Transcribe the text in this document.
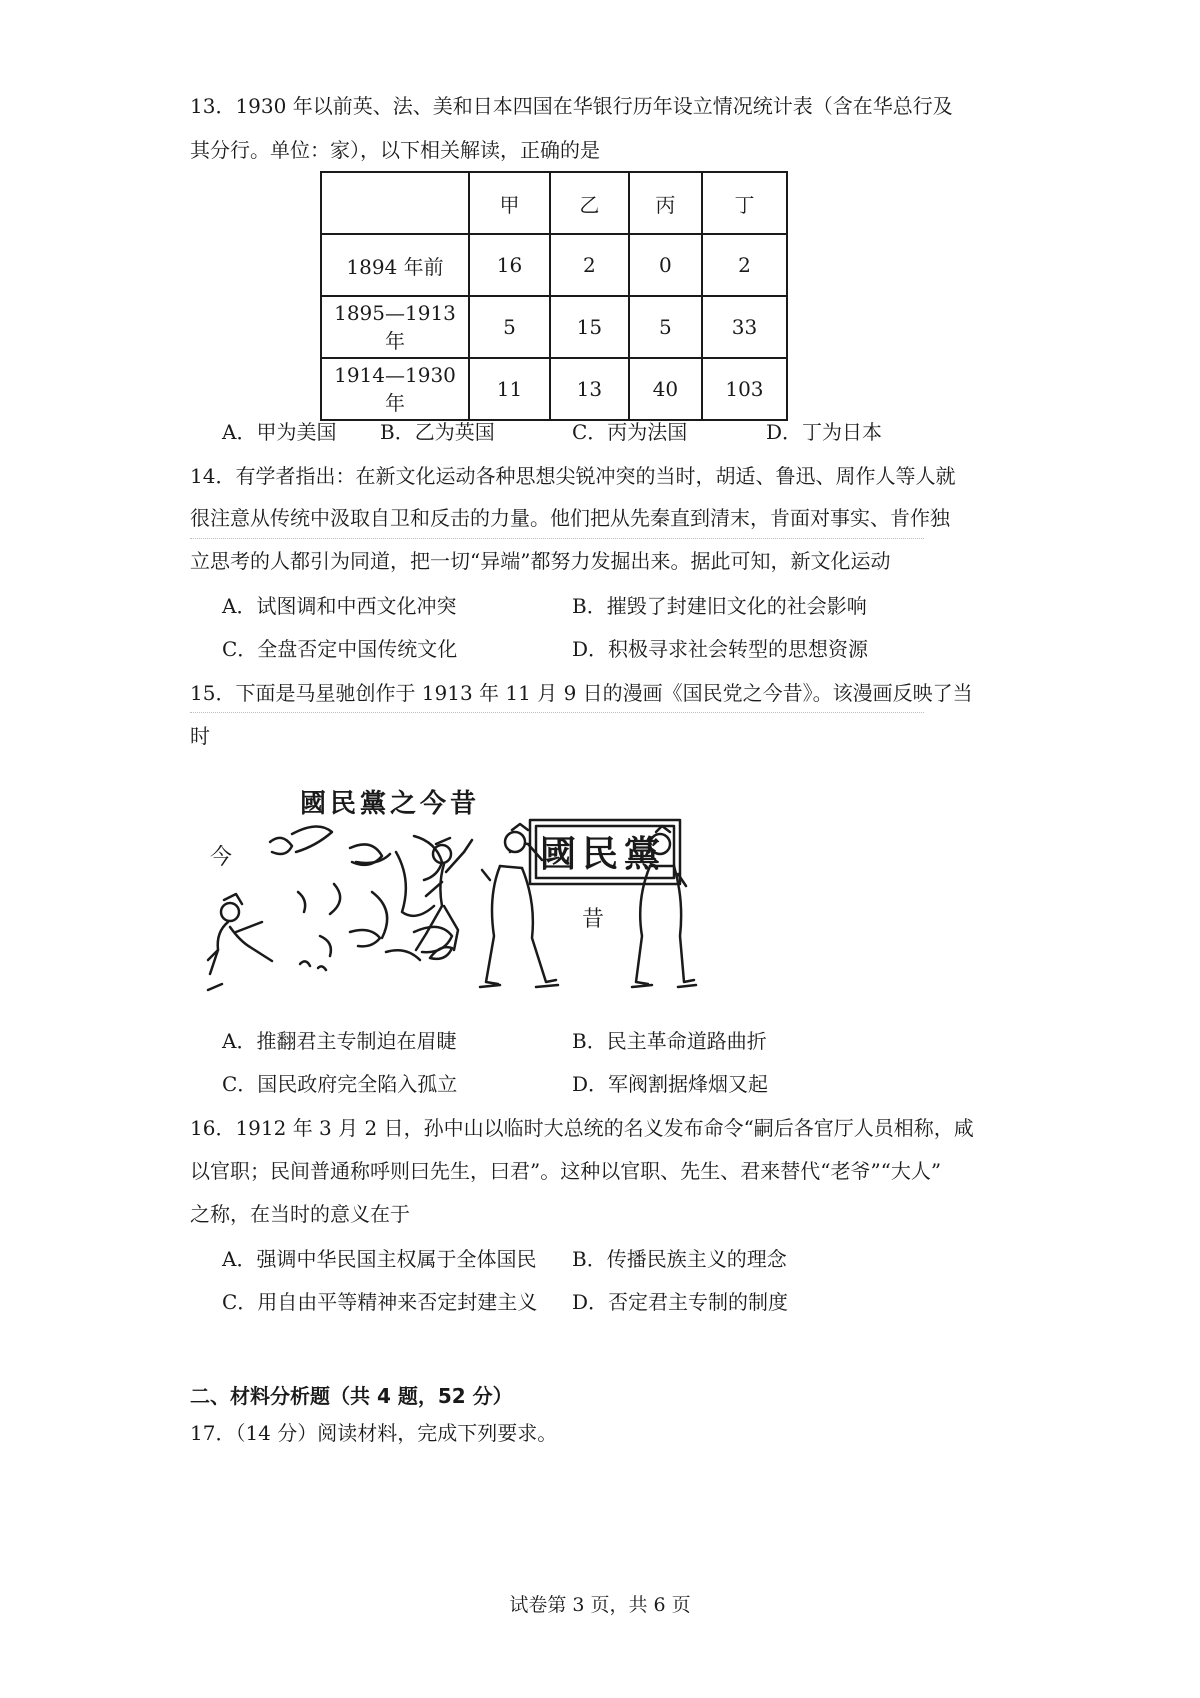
13．1930 年以前英、法、美和日本四国在华银行历年设立情况统计表（含在华总行及
其分行。单位：家），以下相关解读，正确的是
	甲	乙	丙	丁
1894 年前	16	2	0	2
1895—1913 年	5	15	5	33
1914—1930 年	11	13	40	103
A．甲为美国 B．乙为英国	C．丙为法国	D．丁为日本
14．有学者指出：在新文化运动各种思想尖锐冲突的当时，胡适、鲁迅、周作人等人就
很注意从传统中汲取自卫和反击的力量。他们把从先秦直到清末，肯面对事实、肯作独
立思考的人都引为同道，把一切“异端”都努力发掘出来。据此可知，新文化运动
A．试图调和中西文化冲突	B．摧毁了封建旧文化的社会影响
C．全盘否定中国传统文化	D．积极寻求社会转型的思想资源
15．下面是马星驰创作于 1913 年 11 月 9 日的漫画《国民党之今昔》。该漫画反映了当
时
國民黨之今昔
國民黨
今
昔
A．推翻君主专制迫在眉睫	B．民主革命道路曲折
C．国民政府完全陷入孤立	D．军阀割据烽烟又起
16．1912 年 3 月 2 日，孙中山以临时大总统的名义发布命令“嗣后各官厅人员相称，咸
以官职；民间普通称呼则曰先生，曰君”。这种以官职、先生、君来替代“老爷”“大人”
之称，在当时的意义在于
A．强调中华民国主权属于全体国民 B．传播民族主义的理念
C．用自由平等精神来否定封建主义 D．否定君主专制的制度
二、材料分析题（共 4 题，52 分）
17．（14 分）阅读材料，完成下列要求。
试卷第 3 页，共 6 页
